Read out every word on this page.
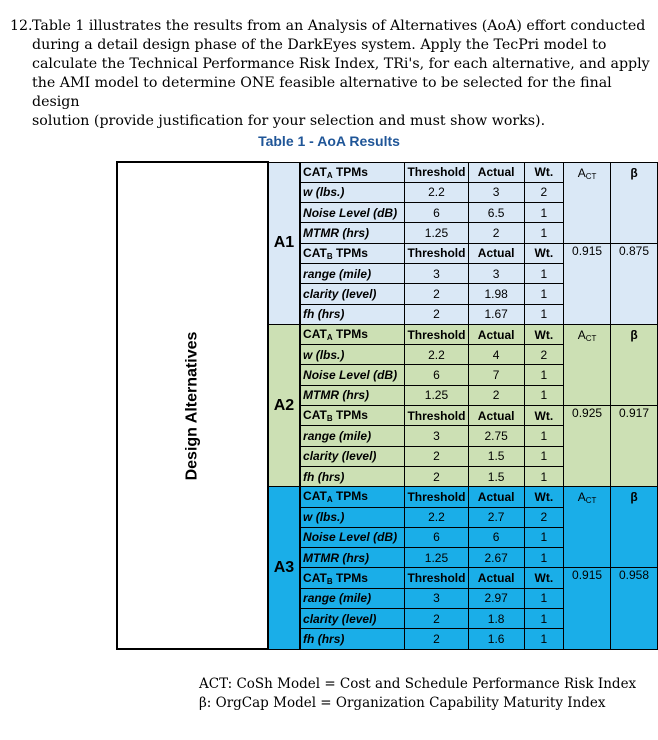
12. Table 1 illustrates the results from an Analysis of Alternatives (AoA) effort conducted
during a detail design phase of the DarkEyes system. Apply the TecPri model to
calculate the Technical Performance Risk Index, TRi's, for each alternative, and apply
the AMI model to determine ONE feasible alternative to be selected for the final design
solution (provide justification for your selection and must show works).
Table 1 - AoA Results
Design Alternatives	A1	$CAT_A$ TPMs	Threshold	Actual	Wt.	$A_{CT}$	β
		w (lbs.)	2.2	3	2		
		Noise Level (dB)	6	6.5	1		
		MTMR (hrs)	1.25	2	1		
		$CAT_B$ TPMs	Threshold	Actual	Wt.	0.915	0.875
		range (mile)	3	3	1		
		clarity (level)	2	1.98	1		
		fh (hrs)	2	1.67	1		
	A2	$CAT_A$ TPMs	Threshold	Actual	Wt.	$A_{CT}$	β
		w (lbs.)	2.2	4	2		
		Noise Level (dB)	6	7	1		
		MTMR (hrs)	1.25	2	1		
		$CAT_B$ TPMs	Threshold	Actual	Wt.	0.925	0.917
		range (mile)	3	2.75	1		
		clarity (level)	2	1.5	1		
		fh (hrs)	2	1.5	1		
	A3	$CAT_A$ TPMs	Threshold	Actual	Wt.	$A_{CT}$	β
		w (lbs.)	2.2	2.7	2		
		Noise Level (dB)	6	6	1		
		MTMR (hrs)	1.25	2.67	1		
		$CAT_B$ TPMs	Threshold	Actual	Wt.	0.915	0.958
		range (mile)	3	2.97	1		
		clarity (level)	2	1.8	1		
		fh (hrs)	2	1.6	1		
ACT: CoSh Model = Cost and Schedule Performance Risk Index
β: OrgCap Model = Organization Capability Maturity Index
